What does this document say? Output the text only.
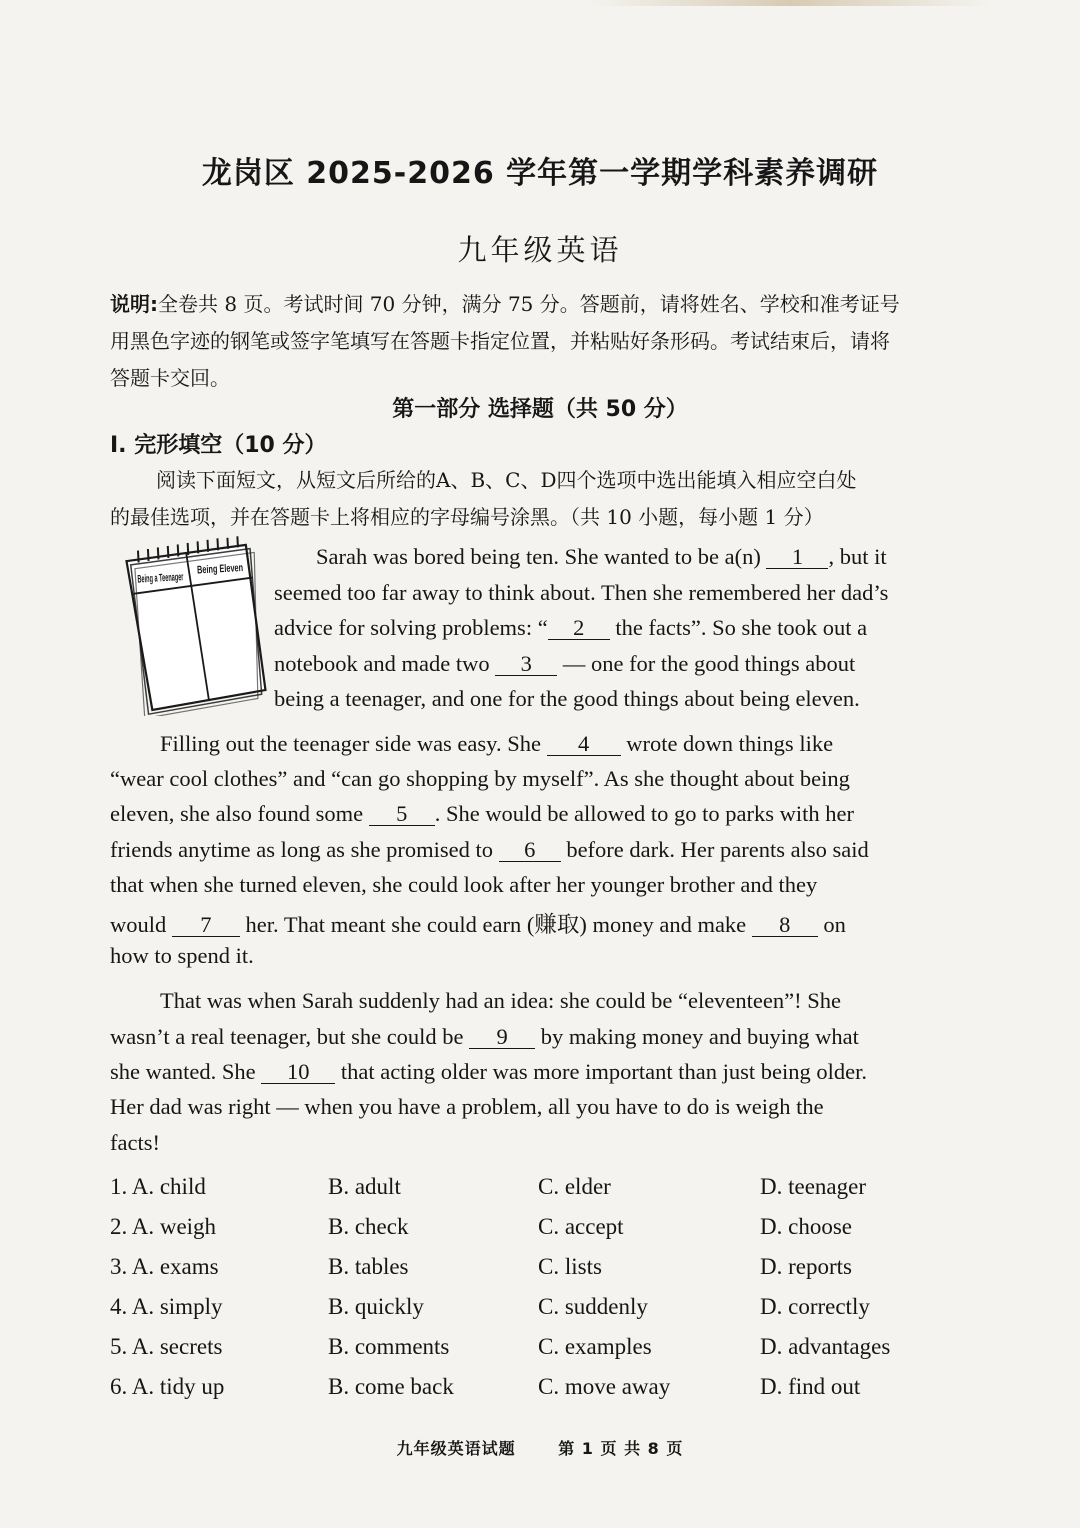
龙岗区 2025-2026 学年第一学期学科素养调研
九年级英语
说明:全卷共 8 页。考试时间 70 分钟，满分 75 分。答题前，请将姓名、学校和准考证号
用黑色字迹的钢笔或签字笔填写在答题卡指定位置，并粘贴好条形码。考试结束后，请将
答题卡交回。
第一部分 选择题（共 50 分）
I. 完形填空（10 分）
阅读下面短文，从短文后所给的A、B、C、D四个选项中选出能填入相应空白处
的最佳选项，并在答题卡上将相应的字母编号涂黑。（共 10 小题，每小题 1 分）
Being a Teenager
Being Eleven Sarah was bored being ten. She wanted to be a(n) 1 , but it
seemed too far away to think about. Then she remembered her dad’s
advice for solving problems: “ 2 the facts”. So she took out a
notebook and made two 3 — one for the good things about
being a teenager, and one for the good things about being eleven.
Filling out the teenager side was easy. She 4 wrote down things like
“wear cool clothes” and “can go shopping by myself”. As she thought about being
eleven, she also found some 5 . She would be allowed to go to parks with her
friends anytime as long as she promised to 6 before dark. Her parents also said
that when she turned eleven, she could look after her younger brother and they
would 7 her. That meant she could earn (赚取) money and make 8 on
how to spend it.
That was when Sarah suddenly had an idea: she could be “eleventeen”! She
wasn’t a real teenager, but she could be 9 by making money and buying what
she wanted. She 10 that acting older was more important than just being older.
Her dad was right — when you have a problem, all you have to do is weigh the
facts!
1. A. child	B. adult	C. elder	D. teenager
2. A. weigh	B. check	C. accept	D. choose
3. A. exams	B. tables	C. lists	D. reports
4. A. simply	B. quickly	C. suddenly	D. correctly
5. A. secrets	B. comments	C. examples	D. advantages
6. A. tidy up	B. come back	C. move away	D. find out
九年级英语试题	第 1 页 共 8 页
